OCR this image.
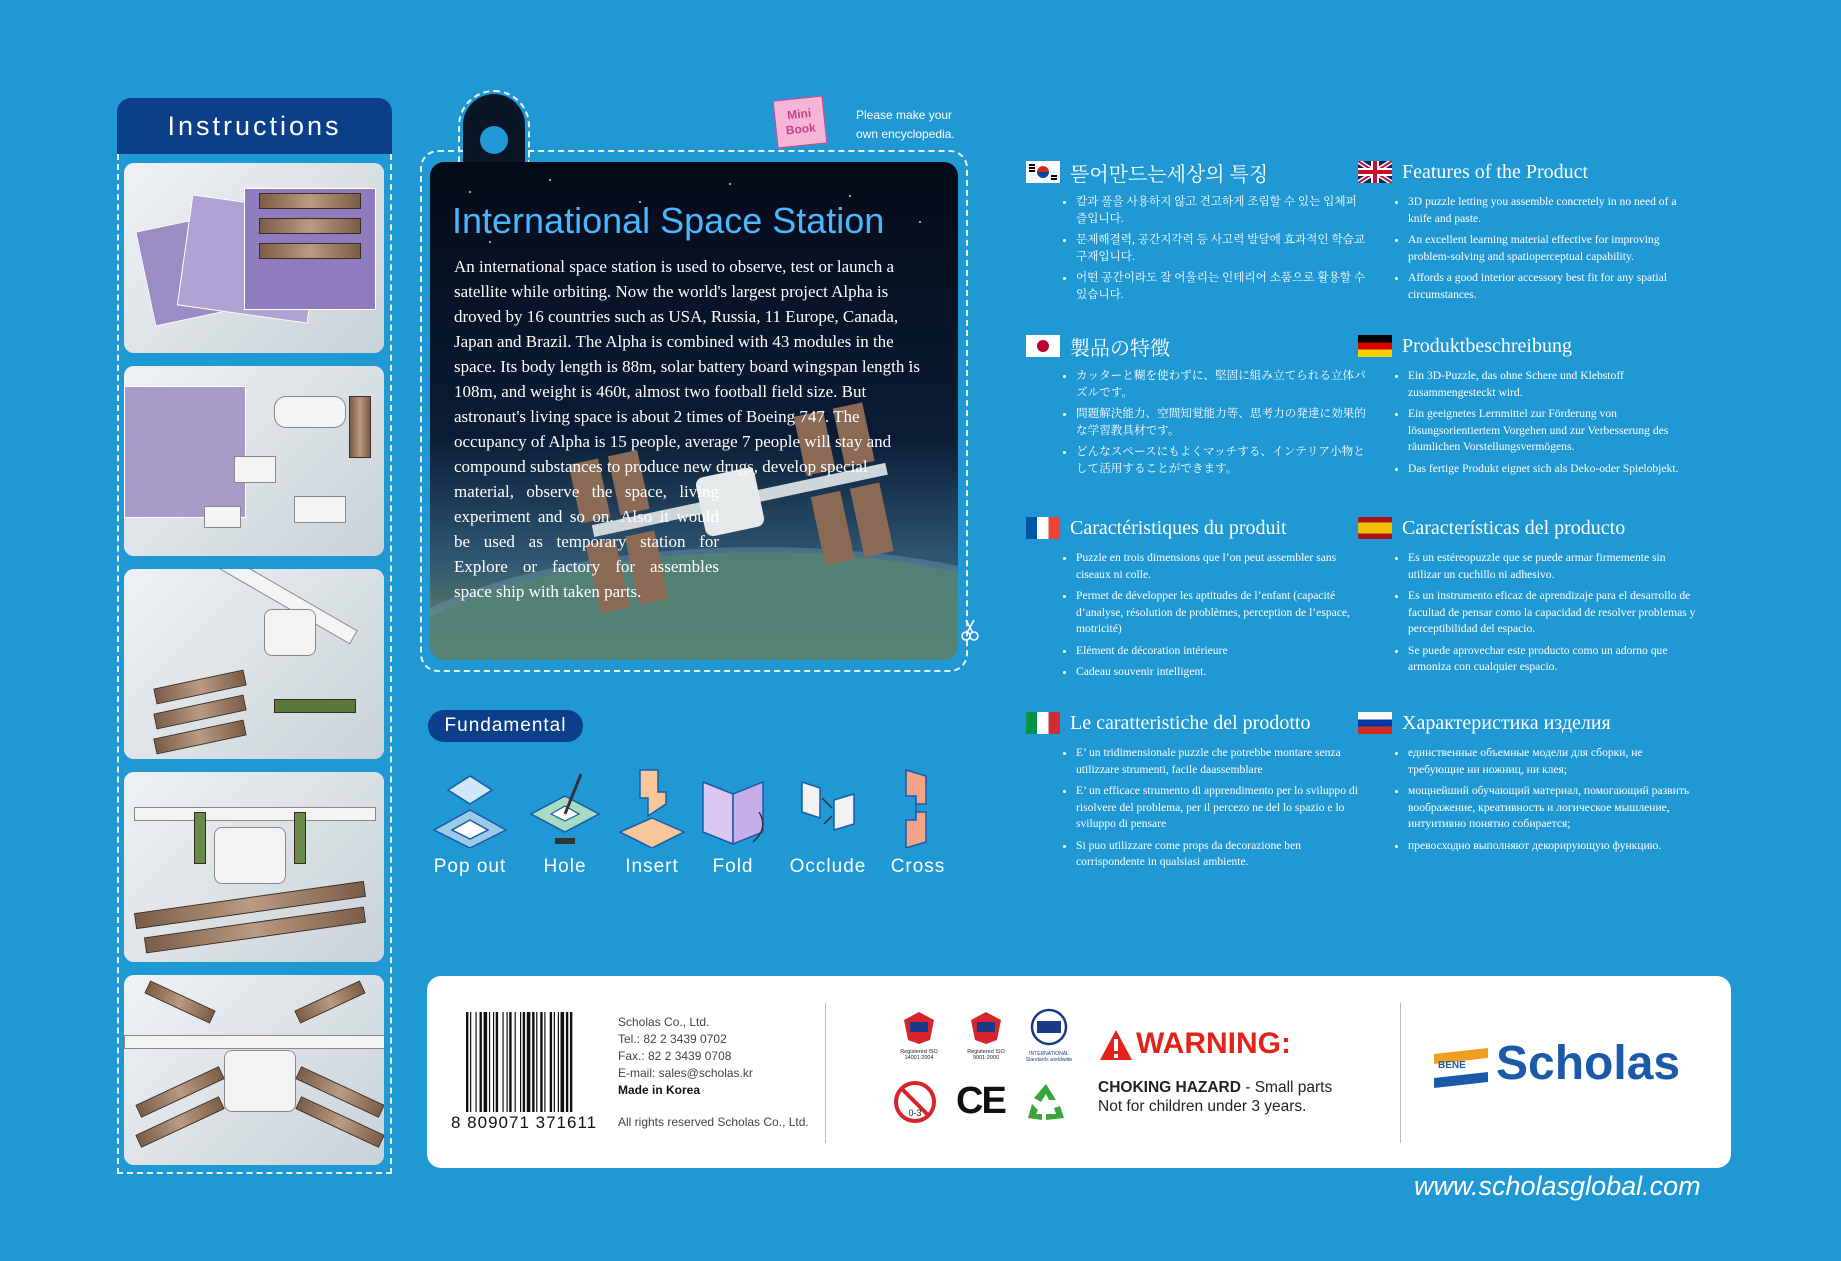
Instructions	Mini
Book
Please make your
own encyclopedia.
International Space Station
An international space station is used to observe, test or launch a
satellite while orbiting. Now the world's largest project Alpha is
droved by 16 countries such as USA, Russia, 11 Europe, Canada,
Japan and Brazil. The Alpha is combined with 43 modules in the
space. Its body length is 88m, solar battery board wingspan length is
108m, and weight is 460t, almost two football field size. But
astronaut's living space is about 2 times of Boeing 747. The
occupancy of Alpha is 15 people, average 7 people will stay and
compound substances to produce new drugs, develop special
material, observe the space, living
experiment and so on. Also it would
be used as temporary station for
Explore or factory for assembles
space ship with taken parts.
Fundamental
Pop out	Hole	Insert	Fold	Occlude	Cross
뜯어만드는세상의 특징
• 칼과 풀을 사용하지 않고 견고하게 조립할 수 있는 입체퍼즐입니다.
• 문제해결력, 공간지각력 등 사고력 발달에 효과적인 학습교구재입니다.
• 어떤 공간이라도 잘 어울리는 인테리어 소품으로 활용할 수 있습니다.
Features of the Product
• 3D puzzle letting you assemble concretely in no need of a knife and paste.
• An excellent learning material effective for improving problem-solving and spatioperceptual capability.
• Affords a good interior accessory best fit for any spatial circumstances.
製品の特徴
• カッターと糊を使わずに、堅固に組み立てられる立体パズルです。
• 問題解決能力、空間知覚能力等、思考力の発達に効果的な学習教具材です。
• どんなスペースにもよくマッチする、インテリア小物として活用することができます。
Produktbeschreibung
• Ein 3D-Puzzle, das ohne Schere und Klebstoff zusammengesteckt wird.
• Ein geeignetes Lernmittel zur Förderung von lösungsorientiertem Vorgehen und zur Verbesserung des räumlichen Vorstellungsvermögens.
• Das fertige Produkt eignet sich als Deko-oder Spielobjekt.
Caractéristiques du produit
• Puzzle en trois dimensions que l’on peut assembler sans ciseaux ni colle.
• Permet de développer les aptitudes de l’enfant (capacité d’analyse, résolution de problèmes, perception de l’espace, motricité)
• Elément de décoration intérieure
• Cadeau souvenir intelligent.
Características del producto
• Es un estéreopuzzle que se puede armar firmemente sin utilizar un cuchillo ni adhesivo.
• Es un instrumento eficaz de aprendizaje para el desarrollo de facultad de pensar como la capacidad de resolver problemas y perceptibilidad del espacio.
• Se puede aprovechar este producto como un adorno que armoniza con cualquier espacio.
Le caratteristiche del prodotto
• E’ un tridimensionale puzzle che potrebbe montare senza utilizzare strumenti, facile daassemblare
• E’ un efficace strumento di apprendimento per lo sviluppo di risolvere del problema, per il percezo ne del lo spazio e lo sviluppo di pensare
• Si puo utilizzare come props da decorazione ben corrispondente in qualsiasi ambiente.
Характеристика изделия
• единственные объемные модели для сборки, не требующие ни ножниц, ни клея;
• мощнейший обучающий материал, помогающий развить воображение, креативность и логическое мышление, интуитивно понятно собирается;
• превосходно выполняют декорирующую функцию.
8 809071 371611
Scholas Co., Ltd.
Tel.: 82 2 3439 0702
Fax.: 82 2 3439 0708
E-mail: sales@scholas.kr
Made in Korea
All rights reserved Scholas Co., Ltd.
Registered ISO 14001:2004
Registered ISO 9001:2000
INTERNATIONAL Standards worldwide
0-3 CE
WARNING:
CHOKING HAZARD - Small parts
Not for children under 3 years.
BENE Scholas
www.scholasglobal.com
